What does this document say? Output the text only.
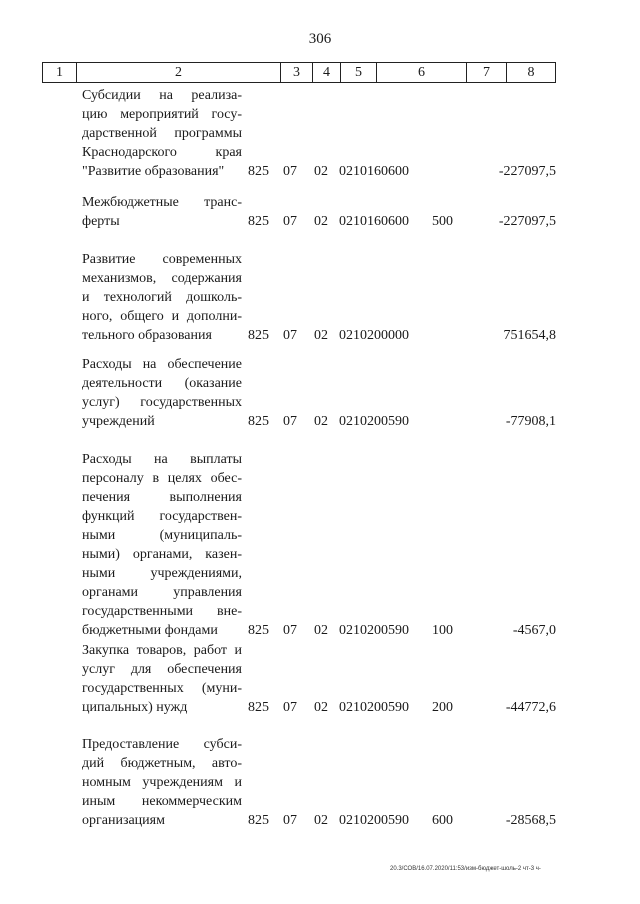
306
1	2	3	4	5	6	7	8
Субсидии на реализа-
цию мероприятий госу-
дарственной программы
Краснодарского края
"Развитие образования"	825 07 02 0210160600	-227097,5
Межбюджетные транс-
ферты	825 07 02 0210160600 500	-227097,5
Развитие современных
механизмов, содержания
и технологий дошколь-
ного, общего и дополни-
тельного образования	825 07 02 0210200000	751654,8
Расходы на обеспечение
деятельности (оказание
услуг) государственных
учреждений	825 07 02 0210200590	-77908,1
Расходы на выплаты
персоналу в целях обес-
печения выполнения
функций государствен-
ными (муниципаль-
ными) органами, казен-
ными учреждениями,
органами управления
государственными вне-
бюджетными фондами	825 07 02 0210200590 100	-4567,0
Закупка товаров, работ и
услуг для обеспечения
государственных (муни-
ципальных) нужд	825 07 02 0210200590 200	-44772,6
Предоставление субси-
дий бюджетным, авто-
номным учреждениям и
иным некоммерческим
организациям	825 07 02 0210200590 600	-28568,5
20.3/СОВ/16.07.2020/11:53/изм-бюджет-шоль-2 чт-3 ч-
